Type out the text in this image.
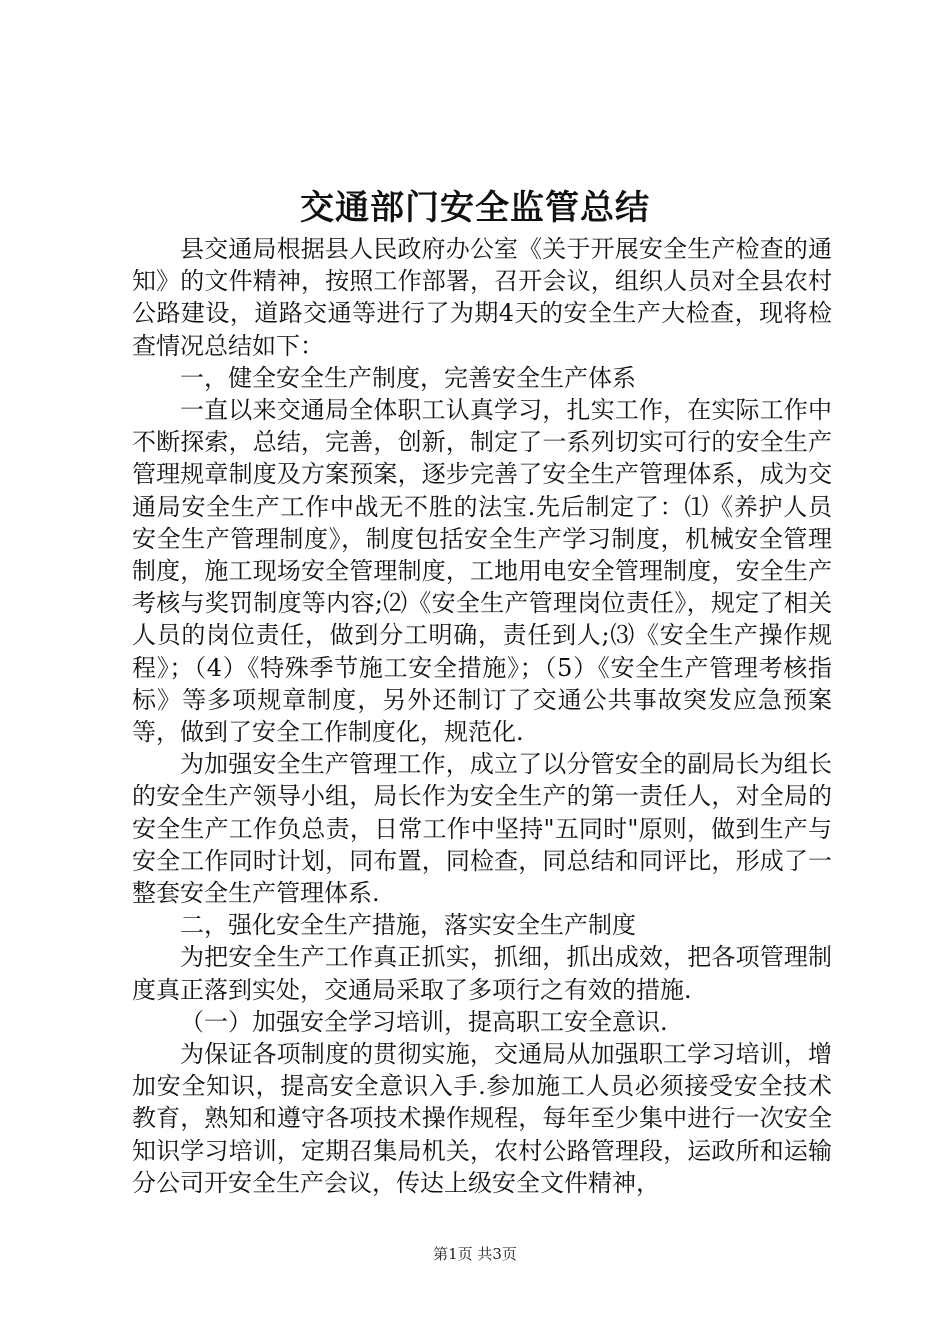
交通部门安全监管总结

县交通局根据县人民政府办公室《关于开展安全生产检查的通知》的文件精神，按照工作部署，召开会议，组织人员对全县农村公路建设，道路交通等进行了为期4天的安全生产大检查，现将检查情况总结如下：

一，健全安全生产制度，完善安全生产体系

一直以来交通局全体职工认真学习，扎实工作，在实际工作中不断探索，总结，完善，创新，制定了一系列切实可行的安全生产管理规章制度及方案预案，逐步完善了安全生产管理体系，成为交通局安全生产工作中战无不胜的法宝.先后制定了：⑴《养护人员安全生产管理制度》，制度包括安全生产学习制度，机械安全管理制度，施工现场安全管理制度，工地用电安全管理制度，安全生产考核与奖罚制度等内容;⑵《安全生产管理岗位责任》，规定了相关人员的岗位责任，做到分工明确，责任到人;⑶《安全生产操作规程》；（4）《特殊季节施工安全措施》；（5）《安全生产管理考核指标》等多项规章制度，另外还制订了交通公共事故突发应急预案等，做到了安全工作制度化，规范化.

为加强安全生产管理工作，成立了以分管安全的副局长为组长的安全生产领导小组，局长作为安全生产的第一责任人，对全局的安全生产工作负总责，日常工作中坚持"五同时"原则，做到生产与安全工作同时计划，同布置，同检查，同总结和同评比，形成了一整套安全生产管理体系.

二，强化安全生产措施，落实安全生产制度

为把安全生产工作真正抓实，抓细，抓出成效，把各项管理制度真正落到实处，交通局采取了多项行之有效的措施.

（一）加强安全学习培训，提高职工安全意识.

为保证各项制度的贯彻实施，交通局从加强职工学习培训，增加安全知识，提高安全意识入手.参加施工人员必须接受安全技术教育，熟知和遵守各项技术操作规程，每年至少集中进行一次安全知识学习培训，定期召集局机关，农村公路管理段，运政所和运输分公司开安全生产会议，传达上级安全文件精神，

第1页 共3页
